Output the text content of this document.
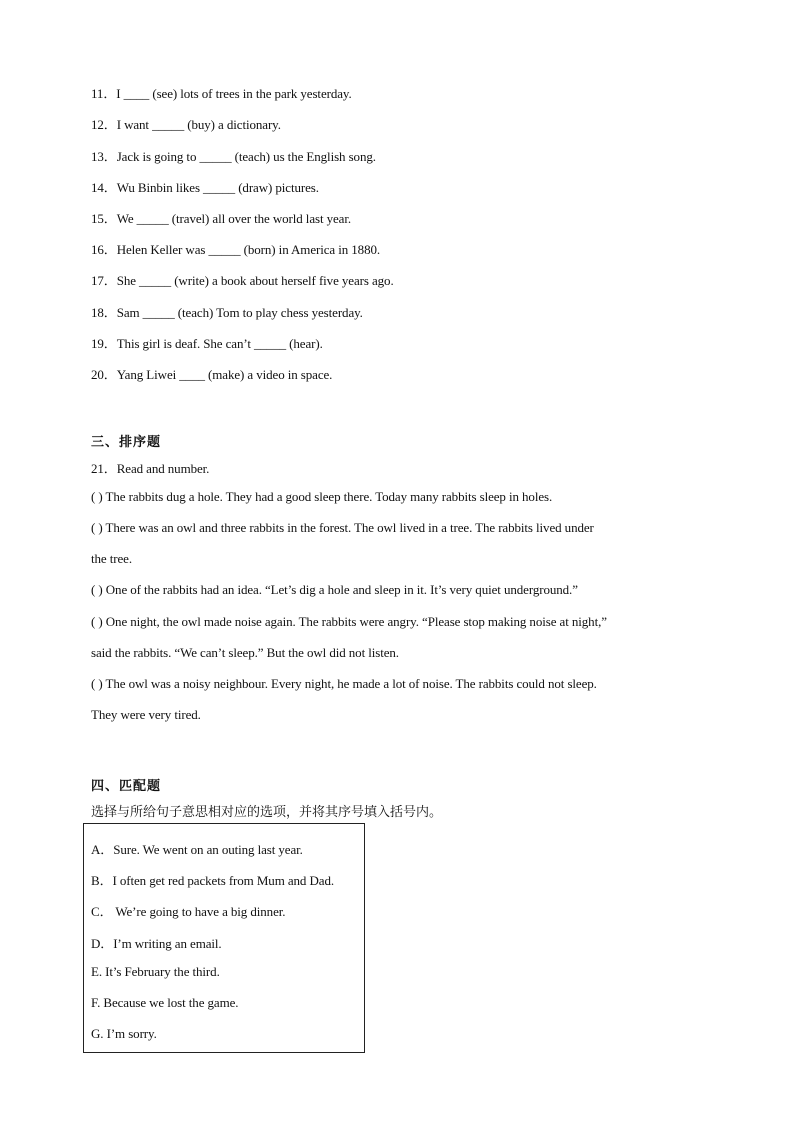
11．I ____ (see) lots of trees in the park yesterday.
12．I want _____ (buy) a dictionary.
13．Jack is going to _____ (teach) us the English song.
14．Wu Binbin likes _____ (draw) pictures.
15．We _____ (travel) all over the world last year.
16．Helen Keller was _____ (born) in America in 1880.
17．She _____ (write) a book about herself five years ago.
18．Sam _____ (teach) Tom to play chess yesterday.
19．This girl is deaf. She can’t _____ (hear).
20．Yang Liwei ____ (make) a video in space.
三、排序题
21．Read and number.
( ) The rabbits dug a hole. They had a good sleep there. Today many rabbits sleep in holes.
( ) There was an owl and three rabbits in the forest. The owl lived in a tree. The rabbits lived under
the tree.
( ) One of the rabbits had an idea. “Let’s dig a hole and sleep in it. It’s very quiet underground.”
( ) One night, the owl made noise again. The rabbits were angry. “Please stop making noise at night,”
said the rabbits. “We can’t sleep.” But the owl did not listen.
( ) The owl was a noisy neighbour. Every night, he made a lot of noise. The rabbits could not sleep.
They were very tired.
四、匹配题
选择与所给句子意思相对应的选项，并将其序号填入括号内。
A．Sure. We went on an outing last year.
B．I often get red packets from Mum and Dad.
C． We’re going to have a big dinner.
D．I’m writing an email.
E. It’s February the third.
F. Because we lost the game.
G. I’m sorry.
